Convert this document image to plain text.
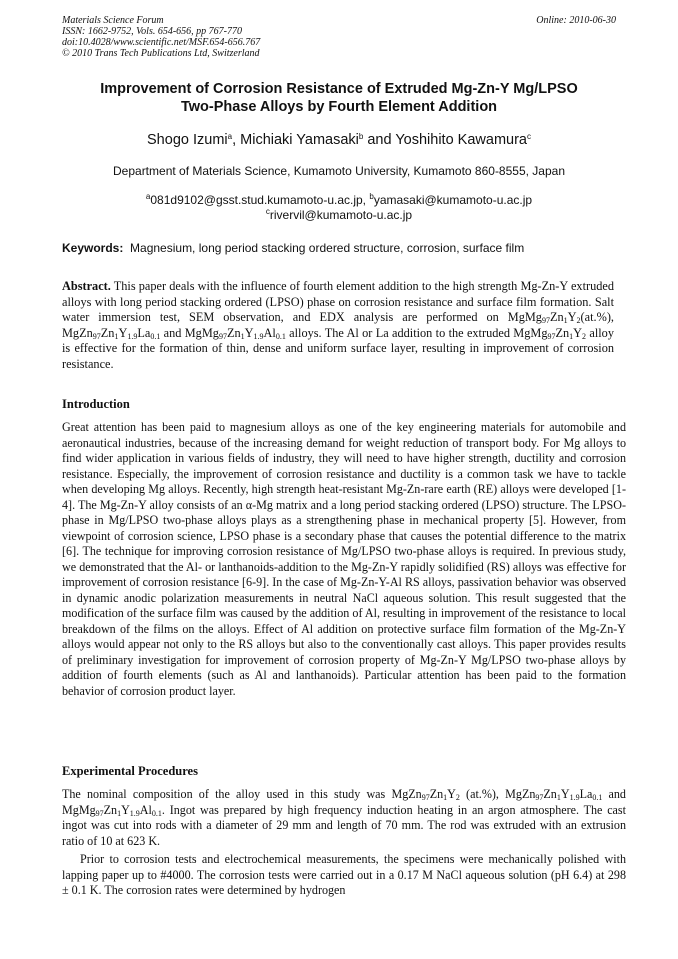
Materials Science Forum
ISSN: 1662-9752, Vols. 654-656, pp 767-770
doi:10.4028/www.scientific.net/MSF.654-656.767
© 2010 Trans Tech Publications Ltd, Switzerland
Online: 2010-06-30
Improvement of Corrosion Resistance of Extruded Mg-Zn-Y Mg/LPSO
Two-Phase Alloys by Fourth Element Addition
Shogo Izumi$^a$, Michiaki Yamasaki$^b$ and Yoshihito Kawamura$^c$
Department of Materials Science, Kumamoto University, Kumamoto 860-8555, Japan
$^a$081d9102@gsst.stud.kumamoto-u.ac.jp, $^b$yamasaki@kumamoto-u.ac.jp
$^c$rivervil@kumamoto-u.ac.jp
Keywords: Magnesium, long period stacking ordered structure, corrosion, surface film
Abstract. This paper deals with the influence of fourth element addition to the high strength Mg-Zn-Y extruded alloys with long period stacking ordered (LPSO) phase on corrosion resistance and surface film formation. Salt water immersion test, SEM observation, and EDX analysis are performed on $MgMg_{97}Zn_1Y_2(at.\%)$, $MgZn_{97}Zn_1Y_{1.9}La_{0.1}$ and $MgMg_{97}Zn_1Y_{1.9}Al_{0.1}$ alloys. The Al or La addition to the extruded $MgMg_{97}Zn_1Y_2$ alloy is effective for the formation of thin, dense and uniform surface layer, resulting in improvement of corrosion resistance.
Introduction
Great attention has been paid to magnesium alloys as one of the key engineering materials for automobile and aeronautical industries, because of the increasing demand for weight reduction of transport body. For Mg alloys to find wider application in various fields of industry, they will need to have higher strength, ductility and corrosion resistance. Especially, the improvement of corrosion resistance and ductility is a common task we have to tackle when developing Mg alloys. Recently, high strength heat-resistant Mg-Zn-rare earth (RE) alloys were developed [1-4]. The Mg-Zn-Y alloy consists of an α-Mg matrix and a long period stacking ordered (LPSO) structure. The LPSO-phase in Mg/LPSO two-phase alloys plays as a strengthening phase in mechanical property [5]. However, from viewpoint of corrosion science, LPSO phase is a secondary phase that causes the potential difference to the matrix [6]. The technique for improving corrosion resistance of Mg/LPSO two-phase alloys is required. In previous study, we demonstrated that the Al- or lanthanoids-addition to the Mg-Zn-Y rapidly solidified (RS) alloys was effective for improvement of corrosion resistance [6-9]. In the case of Mg-Zn-Y-Al RS alloys, passivation behavior was observed in dynamic anodic polarization measurements in neutral NaCl aqueous solution. This result suggested that the modification of the surface film was caused by the addition of Al, resulting in improvement of the resistance to local breakdown of the films on the alloys. Effect of Al addition on protective surface film formation of the Mg-Zn-Y alloys would appear not only to the RS alloys but also to the conventionally cast alloys. This paper provides results of preliminary investigation for improvement of corrosion property of Mg-Zn-Y Mg/LPSO two-phase alloys by addition of fourth elements (such as Al and lanthanoids). Particular attention has been paid to the formation behavior of corrosion product layer.
Experimental Procedures
The nominal composition of the alloy used in this study was $MgZn_{97}Zn_1Y_2$ (at.%), $MgZn_{97}Zn_1Y_{1.9}La_{0.1}$ and $MgMg_{97}Zn_1Y_{1.9}Al_{0.1}$. Ingot was prepared by high frequency induction heating in an argon atmosphere. The cast ingot was cut into rods with a diameter of 29 mm and length of 70 mm. The rod was extruded with an extrusion ratio of 10 at 623 K.
Prior to corrosion tests and electrochemical measurements, the specimens were mechanically polished with lapping paper up to #4000. The corrosion tests were carried out in a 0.17 M NaCl aqueous solution (pH 6.4) at 298 ± 0.1 K. The corrosion rates were determined by hydrogen
